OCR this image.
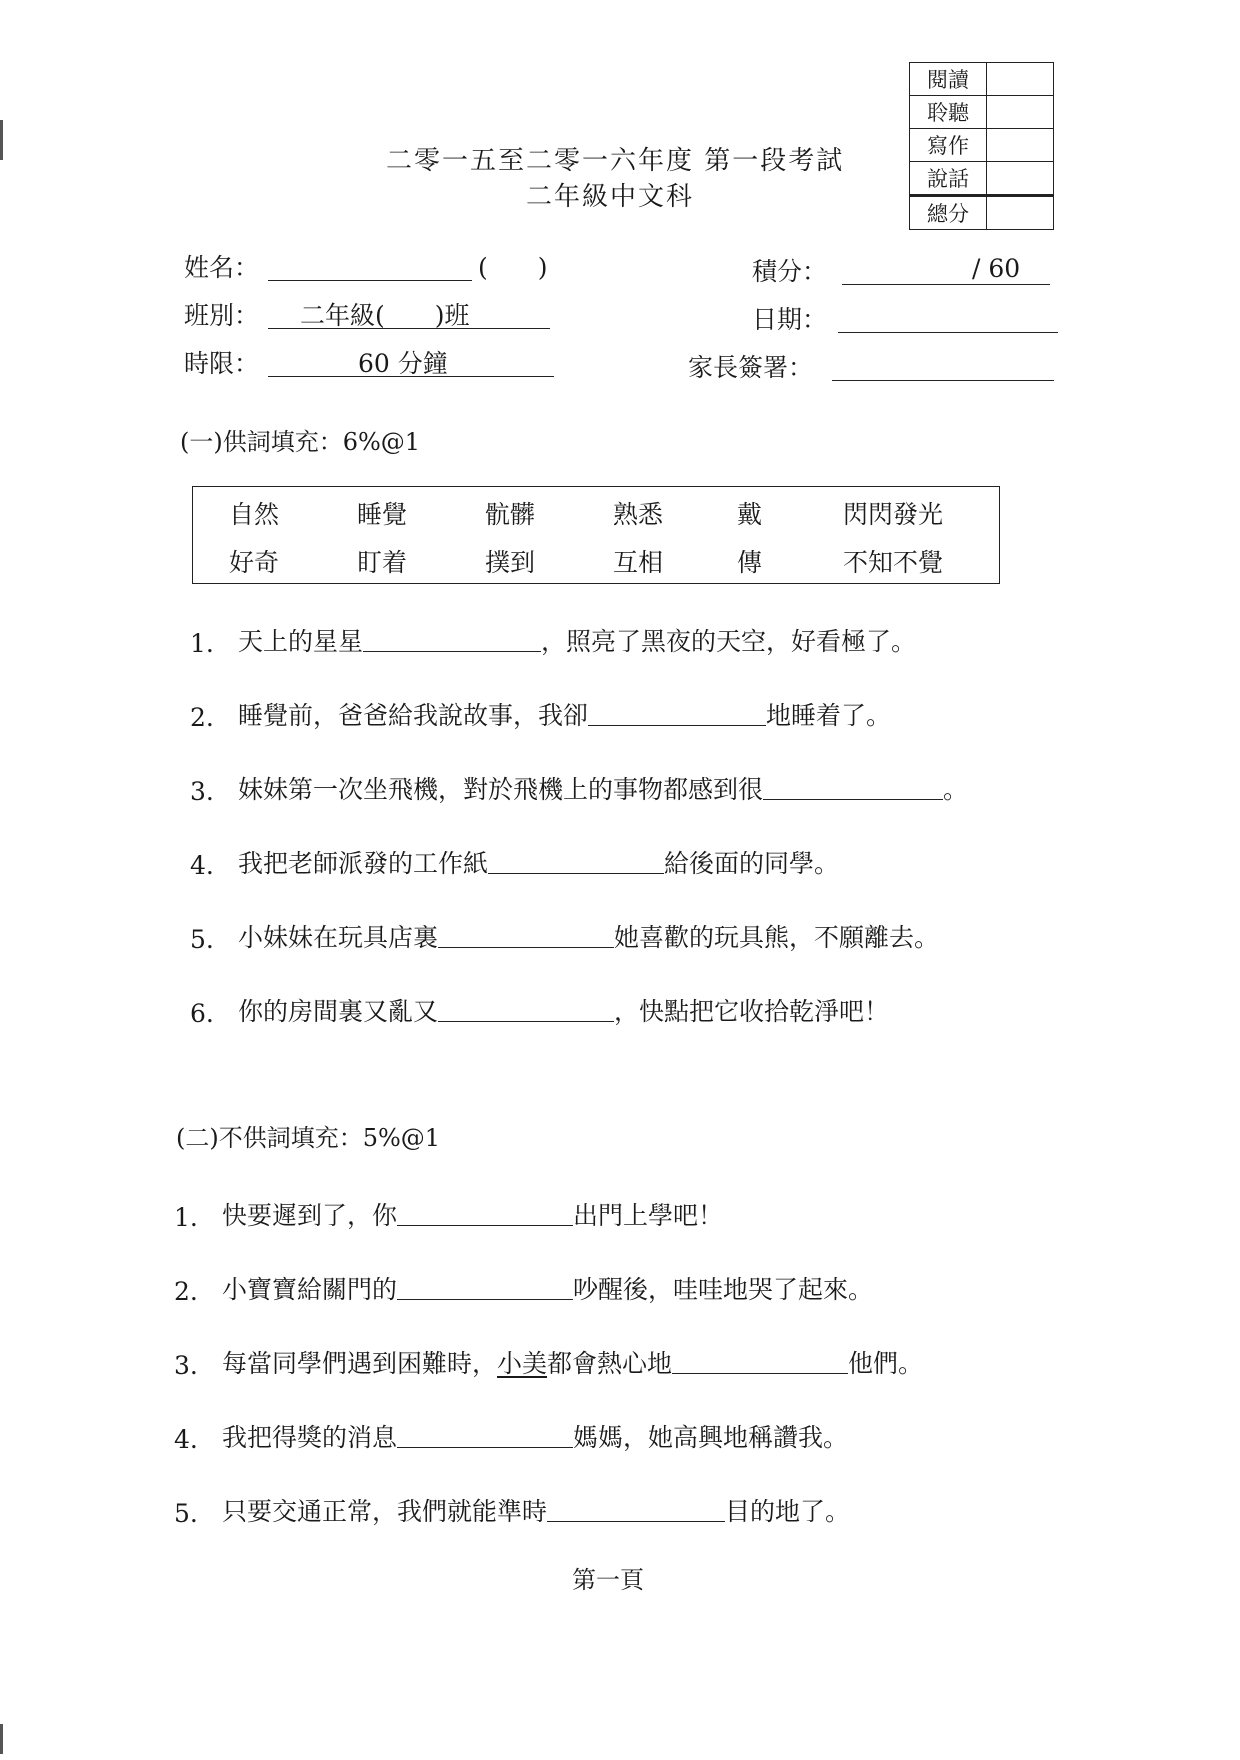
二零一五至二零一六年度 第一段考試
二年級中文科
閱讀	
聆聽	
寫作	
說話	
總分	
姓名：	(　　)
班別： 二年級(　　)班
時限：	60 分鐘
積分：	/ 60
日期：
家長簽署：
(一)供詞填充：6%@1
自然	睡覺	骯髒	熟悉	戴	閃閃發光
好奇	盯着	撲到	互相	傳	不知不覺
1. 天上的星星	，照亮了黑夜的天空，好看極了。
2. 睡覺前，爸爸給我說故事，我卻	地睡着了。
3. 妹妹第一次坐飛機，對於飛機上的事物都感到很	。
4. 我把老師派發的工作紙	給後面的同學。
5. 小妹妹在玩具店裏	她喜歡的玩具熊，不願離去。
6. 你的房間裏又亂又	，快點把它收拾乾淨吧！
(二)不供詞填充：5%@1
1. 快要遲到了，你	出門上學吧！
2. 小寶寶給關門的	吵醒後，哇哇地哭了起來。
3. 每當同學們遇到困難時， 小美 都會熱心地	他們。
4. 我把得獎的消息	媽媽，她高興地稱讚我。
5. 只要交通正常，我們就能準時	目的地了。
第一頁
